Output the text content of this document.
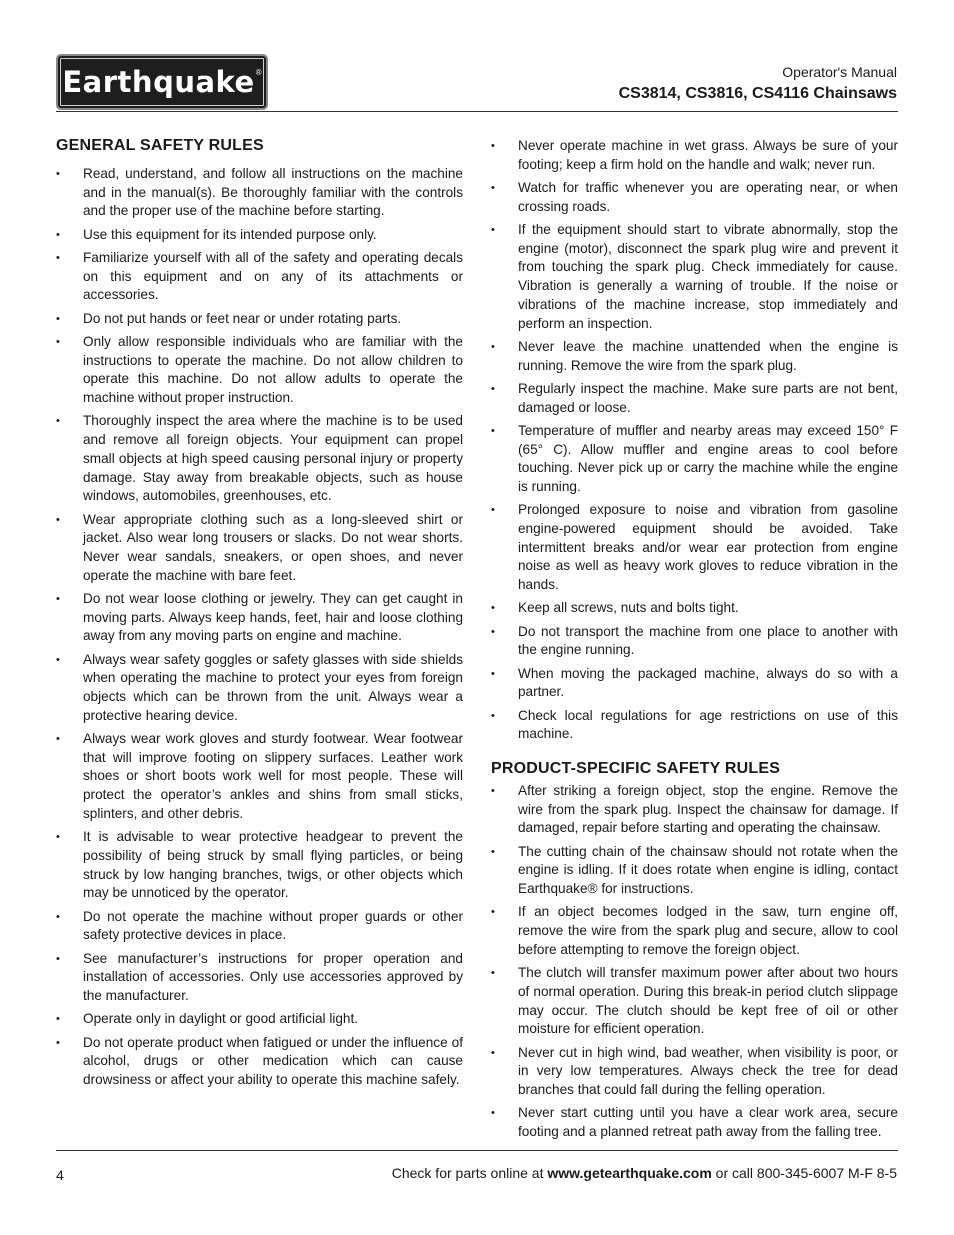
Earthquake®	Operator's Manual
CS3814, CS3816, CS4116 Chainsaws
GENERAL SAFETY RULES
• Read, understand, and follow all instructions on the machine and in the manual(s). Be thoroughly familiar with the controls and the proper use of the machine before starting.
• Use this equipment for its intended purpose only.
• Familiarize yourself with all of the safety and operating decals on this equipment and on any of its attachments or accessories.
• Do not put hands or feet near or under rotating parts.
• Only allow responsible individuals who are familiar with the instructions to operate the machine. Do not allow children to operate this machine. Do not allow adults to operate the machine without proper instruction.
• Thoroughly inspect the area where the machine is to be used and remove all foreign objects. Your equipment can propel small objects at high speed causing personal injury or property damage. Stay away from breakable objects, such as house windows, automobiles, greenhouses, etc.
• Wear appropriate clothing such as a long-sleeved shirt or jacket. Also wear long trousers or slacks. Do not wear shorts. Never wear sandals, sneakers, or open shoes, and never operate the machine with bare feet.
• Do not wear loose clothing or jewelry. They can get caught in moving parts. Always keep hands, feet, hair and loose clothing away from any moving parts on engine and machine.
• Always wear safety goggles or safety glasses with side shields when operating the machine to protect your eyes from foreign objects which can be thrown from the unit. Always wear a protective hearing device.
• Always wear work gloves and sturdy footwear. Wear footwear that will improve footing on slippery surfaces. Leather work shoes or short boots work well for most people. These will protect the operator’s ankles and shins from small sticks, splinters, and other debris.
• It is advisable to wear protective headgear to prevent the possibility of being struck by small flying particles, or being struck by low hanging branches, twigs, or other objects which may be unnoticed by the operator.
• Do not operate the machine without proper guards or other safety protective devices in place.
• See manufacturer’s instructions for proper operation and installation of accessories. Only use accessories approved by the manufacturer.
• Operate only in daylight or good artificial light.
• Do not operate product when fatigued or under the influence of alcohol, drugs or other medication which can cause drowsiness or affect your ability to operate this machine safely.
• Never operate machine in wet grass. Always be sure of your footing; keep a firm hold on the handle and walk; never run.
• Watch for traffic whenever you are operating near, or when crossing roads.
• If the equipment should start to vibrate abnormally, stop the engine (motor), disconnect the spark plug wire and prevent it from touching the spark plug. Check immediately for cause. Vibration is generally a warning of trouble. If the noise or vibrations of the machine increase, stop immediately and perform an inspection.
• Never leave the machine unattended when the engine is running. Remove the wire from the spark plug.
• Regularly inspect the machine. Make sure parts are not bent, damaged or loose.
• Temperature of muffler and nearby areas may exceed 150° F (65° C). Allow muffler and engine areas to cool before touching. Never pick up or carry the machine while the engine is running.
• Prolonged exposure to noise and vibration from gasoline engine-powered equipment should be avoided. Take intermittent breaks and/or wear ear protection from engine noise as well as heavy work gloves to reduce vibration in the hands.
• Keep all screws, nuts and bolts tight.
• Do not transport the machine from one place to another with the engine running.
• When moving the packaged machine, always do so with a partner.
• Check local regulations for age restrictions on use of this machine.
PRODUCT-SPECIFIC SAFETY RULES
• After striking a foreign object, stop the engine. Remove the wire from the spark plug. Inspect the chainsaw for damage. If damaged, repair before starting and operating the chainsaw.
• The cutting chain of the chainsaw should not rotate when the engine is idling. If it does rotate when engine is idling, contact Earthquake® for instructions.
• If an object becomes lodged in the saw, turn engine off, remove the wire from the spark plug and secure, allow to cool before attempting to remove the foreign object.
• The clutch will transfer maximum power after about two hours of normal operation. During this break-in period clutch slippage may occur. The clutch should be kept free of oil or other moisture for efficient operation.
• Never cut in high wind, bad weather, when visibility is poor, or in very low temperatures. Always check the tree for dead branches that could fall during the felling operation.
• Never start cutting until you have a clear work area, secure footing and a planned retreat path away from the falling tree.
4	Check for parts online at www.getearthquake.com or call 800-345-6007 M-F 8-5
